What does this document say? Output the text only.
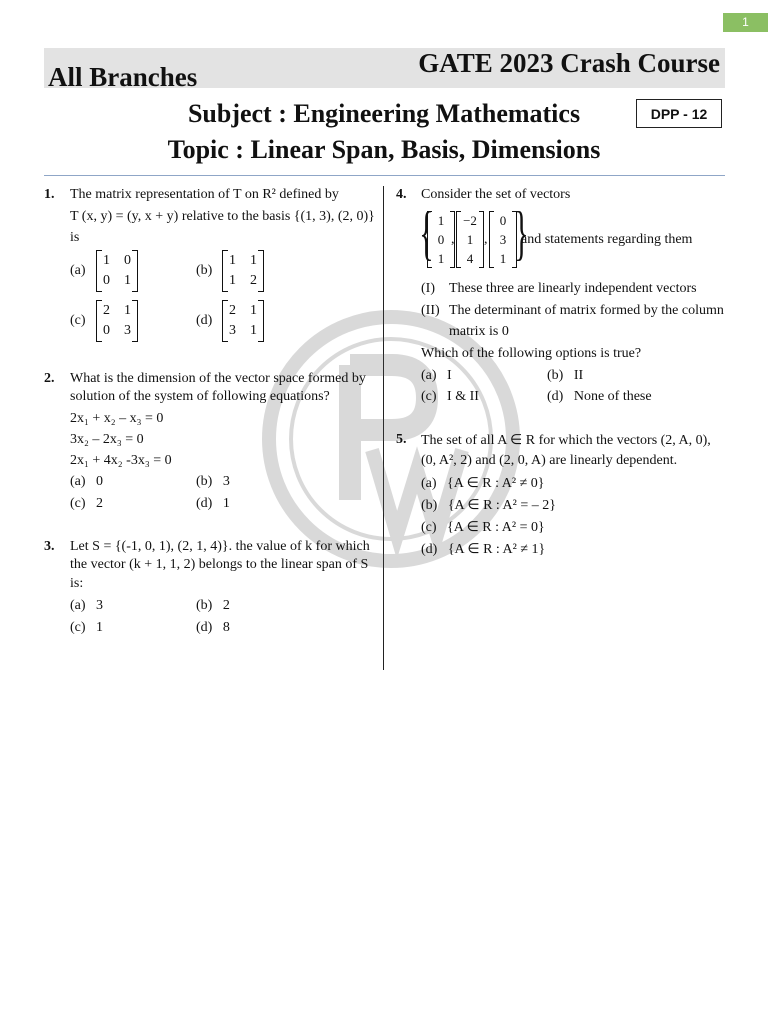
1
All Branches	GATE 2023 Crash Course
Subject : Engineering Mathematics
Topic : Linear Span, Basis, Dimensions
DPP - 12
1. The matrix representation of T on R² defined by
T (x, y) = (y, x + y) relative to the basis {(1, 3), (2, 0)}
is
(a)
1 0
0 1
(b)
1 1
1 2
(c)
2 1
0 3
(d)
2 1
3 1
2. What is the dimension of the vector space formed by
solution of the system of following equations?
2x₁ + x₂ – x₃ = 0
3x₂ – 2x₃ = 0
2x₁ + 4x₂ -3x₃ = 0
(a) 0	(b) 3
(c) 2	(d) 1
3. Let S = {(-1, 0, 1), (2, 1, 4)}. the value of k for which
the vector (k + 1, 1, 2) belongs to the linear span of S
is:
(a) 3	(b) 2
(c) 1	(d) 8
4. Consider the set of vectors
{ 1
0
1
,
−2
1
4
,
0
3
1 }
and statements regarding them
(I) These three are linearly independent vectors
(II) The determinant of matrix formed by the column
matrix is 0
Which of the following options is true?
(a) I	(b) II
(c) I & II	(d) None of these
5. The set of all A ∈ R for which the vectors (2, A, 0),
(0, A², 2) and (2, 0, A) are linearly dependent.
(a) {A ∈ R : A² ≠ 0}
(b) {A ∈ R : A² = – 2}
(c) {A ∈ R : A² = 0}
(d) {A ∈ R : A² ≠ 1}
